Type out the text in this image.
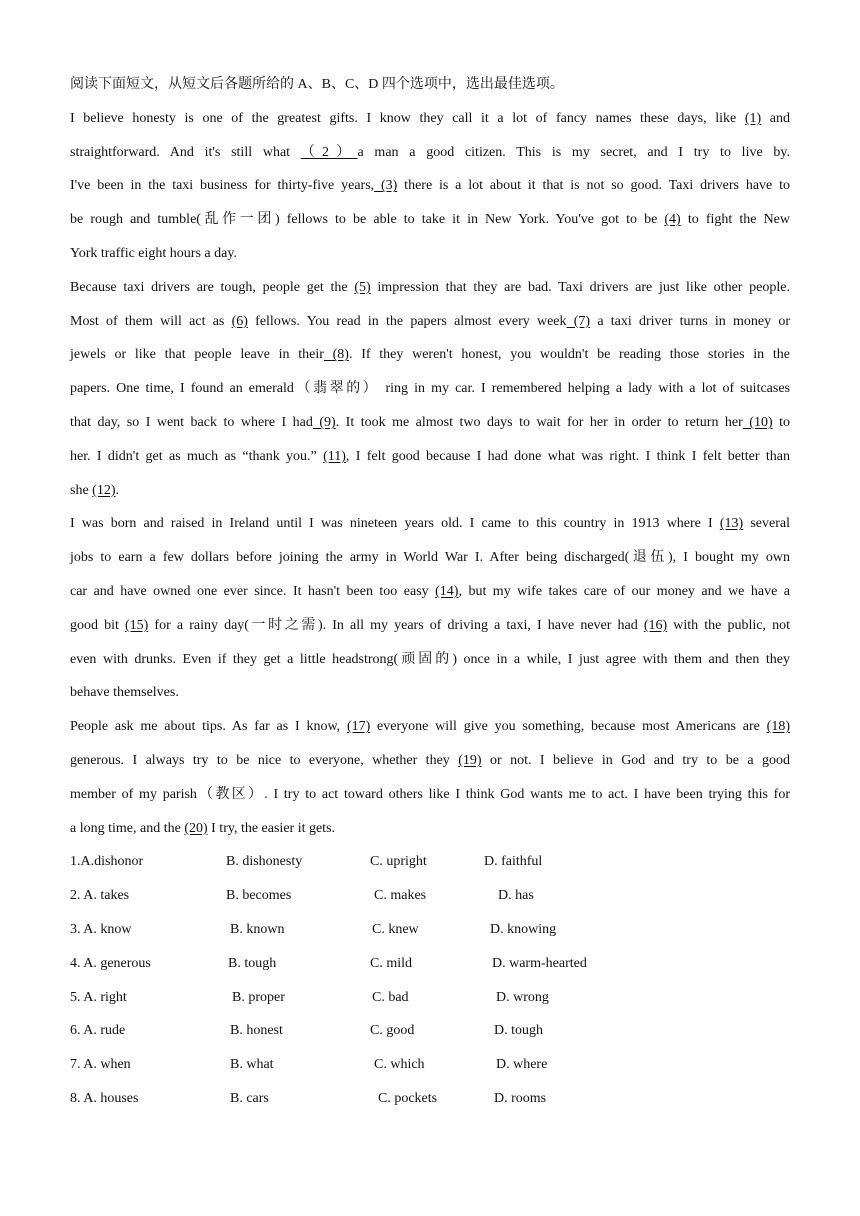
阅读下面短文，从短文后各题所给的 A、B、C、D 四个选项中，选出最佳选项。
I believe honesty is one of the greatest gifts. I know they call it a lot of fancy names these days, like (1) and
straightforward. And it's still what （2）a man a good citizen. This is my secret, and I try to live by.
I've been in the taxi business for thirty-five years, (3) there is a lot about it that is not so good. Taxi drivers have to
be rough and tumble(乱作一团) fellows to be able to take it in New York. You've got to be (4) to fight the New
York traffic eight hours a day.
Because taxi drivers are tough, people get the (5) impression that they are bad. Taxi drivers are just like other people.
Most of them will act as (6) fellows. You read in the papers almost every week (7) a taxi driver turns in money or
jewels or like that people leave in their (8). If they weren't honest, you wouldn't be reading those stories in the
papers. One time, I found an emerald（翡翠的） ring in my car. I remembered helping a lady with a lot of suitcases
that day, so I went back to where I had (9). It took me almost two days to wait for her in order to return her (10) to
her. I didn't get as much as “thank you.” (11), I felt good because I had done what was right. I think I felt better than
she (12).
I was born and raised in Ireland until I was nineteen years old. I came to this country in 1913 where I (13) several
jobs to earn a few dollars before joining the army in World War I. After being discharged(退伍), I bought my own
car and have owned one ever since. It hasn't been too easy (14), but my wife takes care of our money and we have a
good bit (15) for a rainy day(一时之需). In all my years of driving a taxi, I have never had (16) with the public, not
even with drunks. Even if they get a little headstrong(顽固的) once in a while, I just agree with them and then they
behave themselves.
People ask me about tips. As far as I know, (17) everyone will give you something, because most Americans are (18)
generous. I always try to be nice to everyone, whether they (19) or not. I believe in God and try to be a good
member of my parish（教区）. I try to act toward others like I think God wants me to act. I have been trying this for
a long time, and the (20) I try, the easier it gets.
1.A.dishonor	B. dishonesty	C. upright	D. faithful
2. A. takes	B. becomes	C. makes	D. has
3. A. know	B. known	C. knew	D. knowing
4. A. generous	B. tough	C. mild	D. warm-hearted
5. A. right	B. proper	C. bad	D. wrong
6. A. rude	B. honest	C. good	D. tough
7. A. when	B. what	C. which	D. where
8. A. houses	B. cars	C. pockets	D. rooms
